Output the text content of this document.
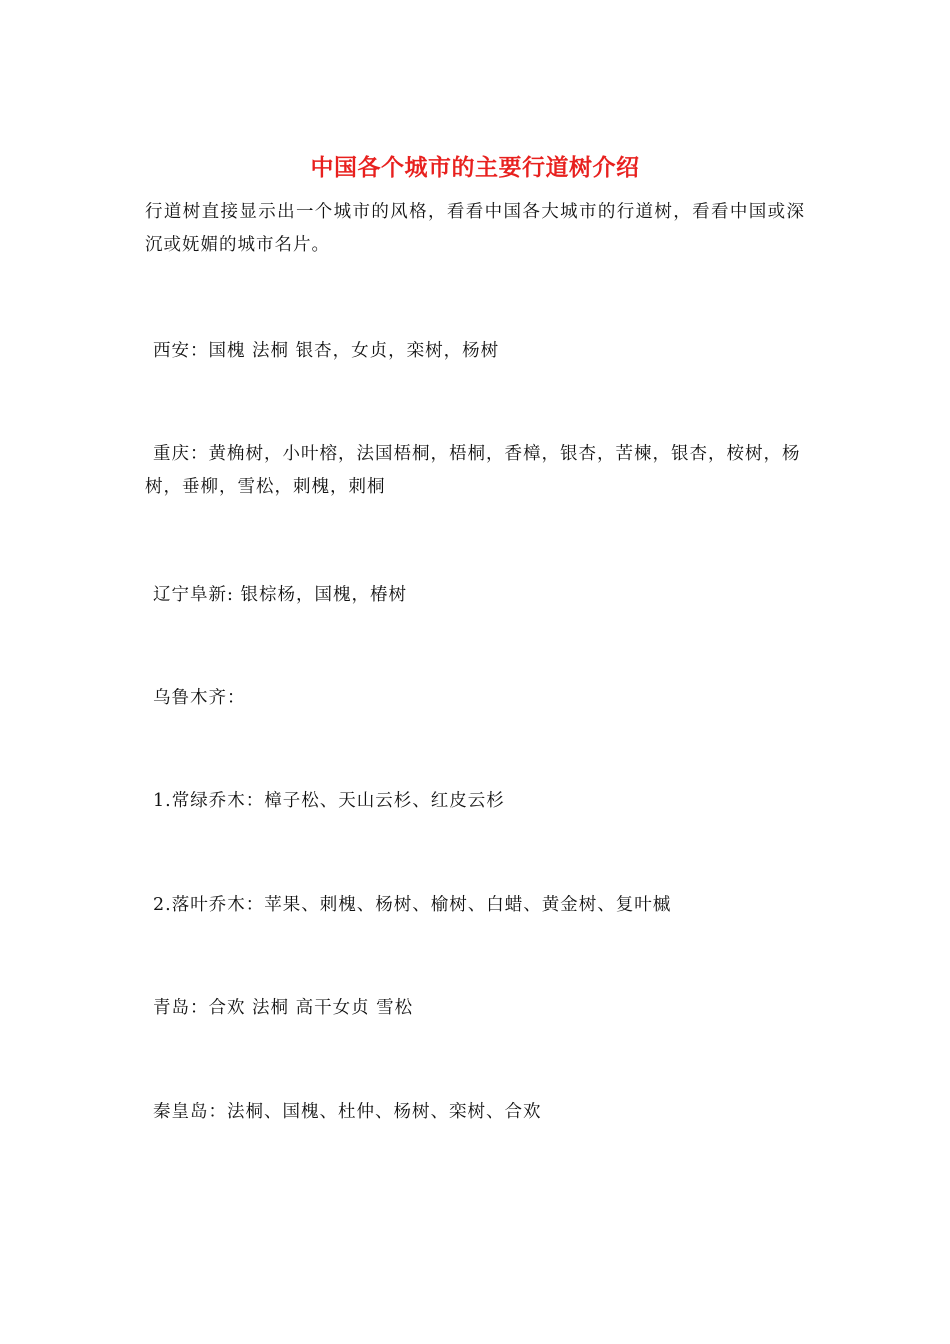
中国各个城市的主要行道树介绍
行道树直接显示出一个城市的风格，看看中国各大城市的行道树，看看中国或深沉或妩媚的城市名片。
西安：国槐 法桐 银杏，女贞，栾树，杨树
重庆：黄桷树，小叶榕，法国梧桐，梧桐，香樟，银杏，苦楝，银杏，桉树，杨树，垂柳，雪松，刺槐，刺桐
辽宁阜新: 银棕杨，国槐，椿树
乌鲁木齐：
1.常绿乔木：樟子松、天山云杉、红皮云杉
2.落叶乔木：苹果、刺槐、杨树、榆树、白蜡、黄金树、复叶槭
青岛：合欢 法桐 高干女贞 雪松
秦皇岛：法桐、国槐、杜仲、杨树、栾树、合欢
